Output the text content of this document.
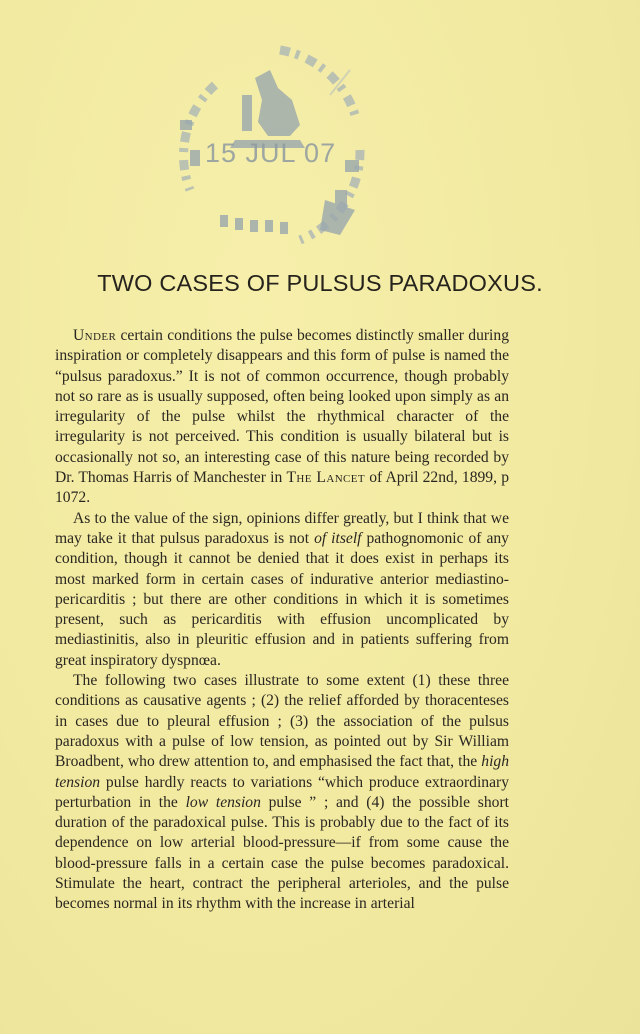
15 JUL 07
TWO CASES OF PULSUS PARADOXUS.

Under certain conditions the pulse becomes distinctly smaller during inspiration or completely disappears and this form of pulse is named the “pulsus paradoxus.” It is not of common occurrence, though probably not so rare as is usually supposed, often being looked upon simply as an irregularity of the pulse whilst the rhythmical character of the irregularity is not perceived. This condition is usually bilateral but is occasionally not so, an interesting case of this nature being recorded by Dr. Thomas Harris of Manchester in The Lancet of April 22nd, 1899, p 1072.

As to the value of the sign, opinions differ greatly, but I think that we may take it that pulsus paradoxus is not of itself pathognomonic of any condition, though it cannot be denied that it does exist in perhaps its most marked form in certain cases of indurative anterior mediastino-pericarditis ; but there are other conditions in which it is sometimes present, such as pericarditis with effusion uncomplicated by mediastinitis, also in pleuritic effusion and in patients suffering from great inspiratory dyspnœa.

The following two cases illustrate to some extent (1) these three conditions as causative agents ; (2) the relief afforded by thoracenteses in cases due to pleural effusion ; (3) the association of the pulsus paradoxus with a pulse of low tension, as pointed out by Sir William Broadbent, who drew attention to, and emphasised the fact that, the high tension pulse hardly reacts to variations “which produce extraordinary perturbation in the low tension pulse ” ; and (4) the possible short duration of the paradoxical pulse. This is probably due to the fact of its dependence on low arterial blood-pressure—if from some cause the blood-pressure falls in a certain case the pulse becomes paradoxical. Stimulate the heart, contract the peripheral arterioles, and the pulse becomes normal in its rhythm with the increase in arterial
